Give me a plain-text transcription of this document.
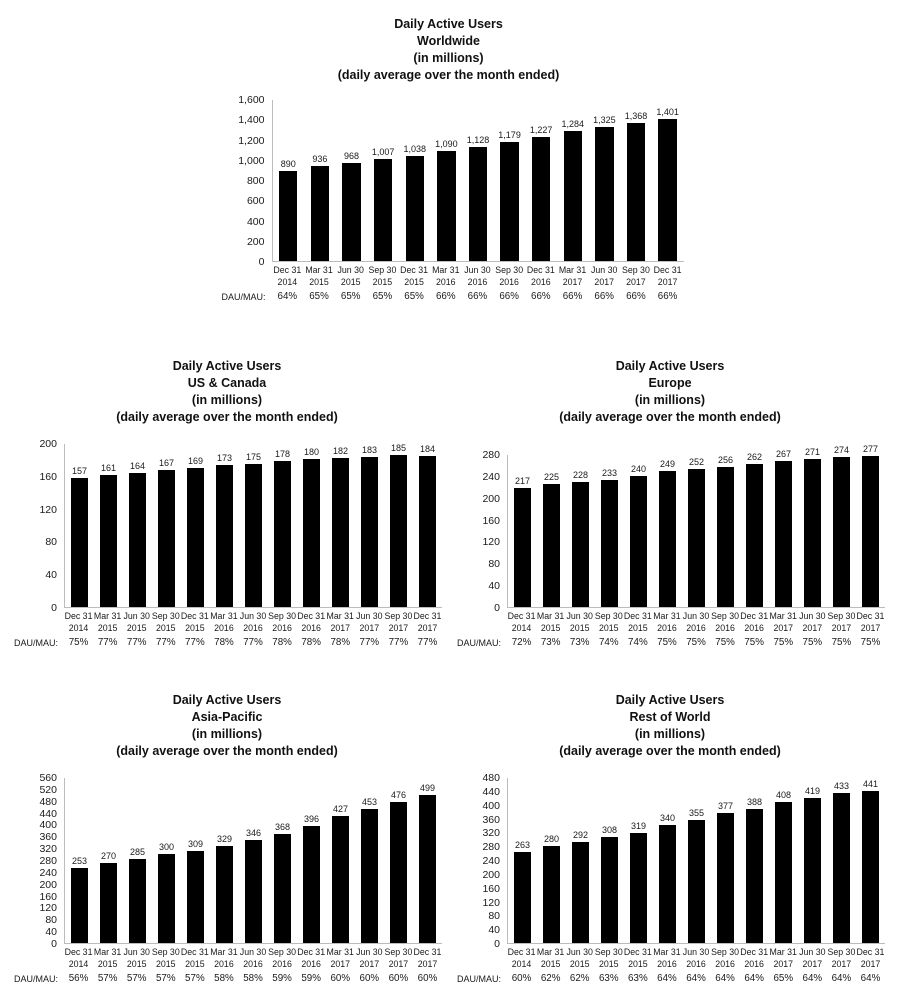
Daily Active Users
Worldwide
(in millions)
(daily average over the month ended)
1,600
1,400
1,200
1,000
800
600
400
200
0
890 936 968 1,007 1,038
1,090 1,128
1,179 1,227
1,284 1,325 1,368 1,401
Dec 31
2014
Mar 31
2015
Jun 30
2015
Sep 30
2015
Dec 31
2015
Mar 31
2016
Jun 30
2016
Sep 30
2016
Dec 31
2016
Mar 31
2017
Jun 30
2017
Sep 30
2017
Dec 31
2017
DAU/MAU:	64%	65%	65%	65%	65%	66%	66%	66%	66%	66%	66%	66%	66%
Daily Active Users
US & Canada
(in millions)
(daily average over the month ended)
200
160
120
80
40
0
157 161 164 167 169 173 175 178 180 182 183 185 184
Dec 31
2014
Mar 31
2015
Jun 30
2015
Sep 30
2015
Dec 31
2015
Mar 31
2016
Jun 30
2016
Sep 30
2016
Dec 31
2016
Mar 31
2017
Jun 30
2017
Sep 30
2017
Dec 31
2017
DAU/MAU:	75% 77% 77% 77% 77% 78% 77% 78% 78% 78% 77% 77% 77%
Daily Active Users
Europe
(in millions)
(daily average over the month ended)
280
240
200
160
120
80
40
0
217 225 228 233 240 249 252 256 262 267 271 274 277
Dec 31
2014
Mar 31
2015
Jun 30
2015
Sep 30
2015
Dec 31
2015
Mar 31
2016
Jun 30
2016
Sep 30
2016
Dec 31
2016
Mar 31
2017
Jun 30
2017
Sep 30
2017
Dec 31
2017
DAU/MAU:	72% 73% 73% 74% 74% 75% 75% 75% 75% 75% 75% 75% 75%
Daily Active Users
Asia-Pacific
(in millions)
(daily average over the month ended)
560
520
480
440
400
360
320
280
240
200
160
120
80
40
0
253 270 285 300 309
329
346
368
396
427
453
476
499
Dec 31
2014
Mar 31
2015
Jun 30
2015
Sep 30
2015
Dec 31
2015
Mar 31
2016
Jun 30
2016
Sep 30
2016
Dec 31
2016
Mar 31
2017
Jun 30
2017
Sep 30
2017
Dec 31
2017
DAU/MAU:	56% 57% 57% 57% 57% 58% 58% 59% 59% 60% 60% 60% 60%
Daily Active Users
Rest of World
(in millions)
(daily average over the month ended)
480
440
400
360
320
280
240
200
160
120
80
40
0
263
280 292
308 319
340
355
377 388
408 419 433 441
Dec 31
2014
Mar 31
2015
Jun 30
2015
Sep 30
2015
Dec 31
2015
Mar 31
2016
Jun 30
2016
Sep 30
2016
Dec 31
2016
Mar 31
2017
Jun 30
2017
Sep 30
2017
Dec 31
2017
DAU/MAU:	60% 62% 62% 63% 63% 64% 64% 64% 64% 65% 64% 64% 64%
